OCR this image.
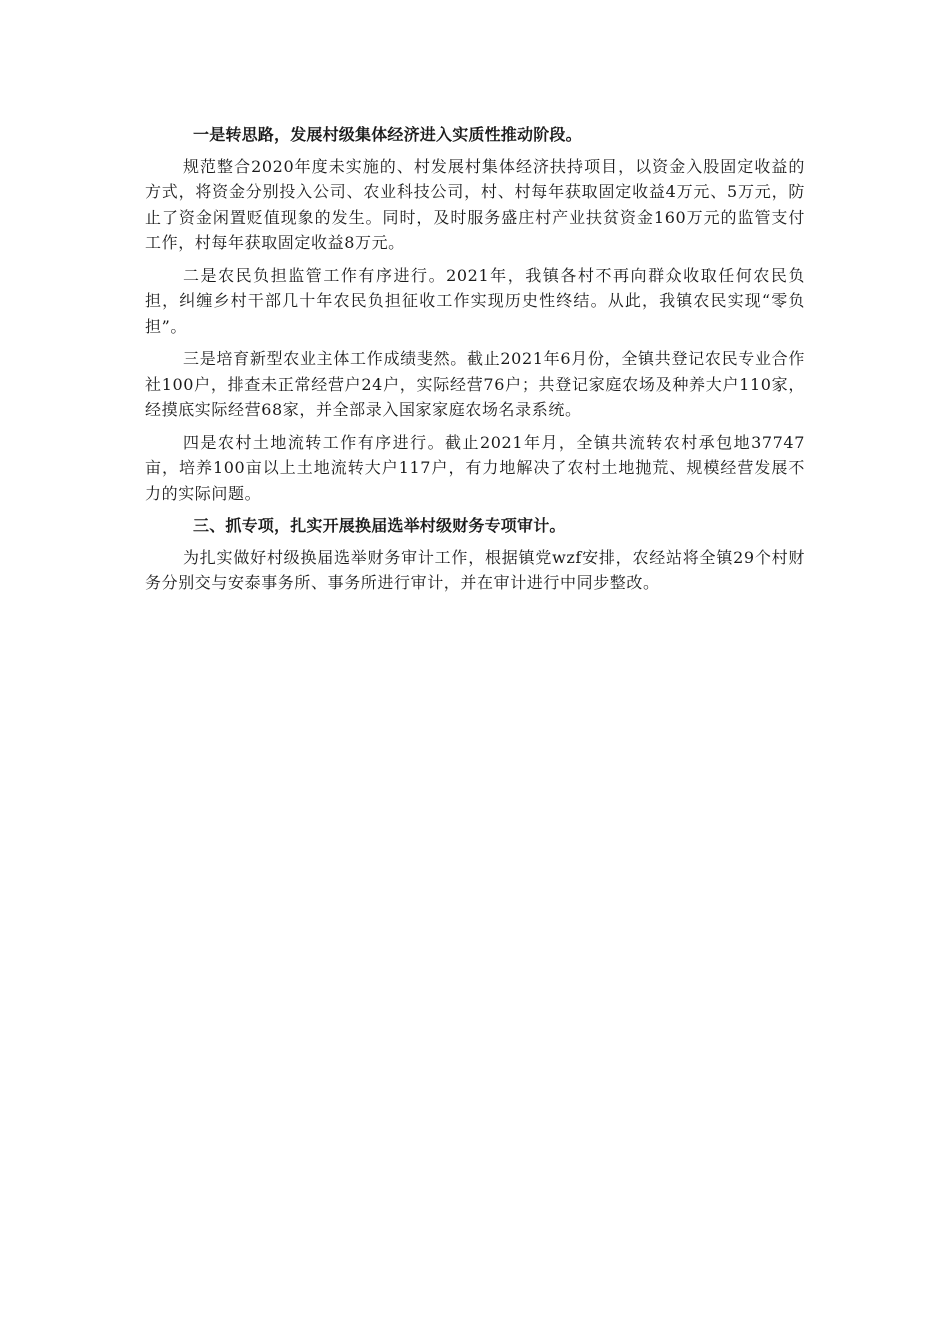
一是转思路，发展村级集体经济进入实质性推动阶段。

规范整合2020年度未实施的、村发展村集体经济扶持项目，以资金入股固定收益的方式，将资金分别投入公司、农业科技公司，村、村每年获取固定收益4万元、5万元，防止了资金闲置贬值现象的发生。同时，及时服务盛庄村产业扶贫资金160万元的监管支付工作，村每年获取固定收益8万元。

二是农民负担监管工作有序进行。2021年，我镇各村不再向群众收取任何农民负担，纠缠乡村干部几十年农民负担征收工作实现历史性终结。从此，我镇农民实现“零负担”。

三是培育新型农业主体工作成绩斐然。截止2021年6月份，全镇共登记农民专业合作社100户，排查未正常经营户24户，实际经营76户；共登记家庭农场及种养大户110家，经摸底实际经营68家，并全部录入国家家庭农场名录系统。

四是农村土地流转工作有序进行。截止2021年月，全镇共流转农村承包地37747亩，培养100亩以上土地流转大户117户，有力地解决了农村土地抛荒、规模经营发展不力的实际问题。

三、抓专项，扎实开展换届选举村级财务专项审计。

为扎实做好村级换届选举财务审计工作，根据镇党wzf安排，农经站将全镇29个村财务分别交与安泰事务所、事务所进行审计，并在审计进行中同步整改。
